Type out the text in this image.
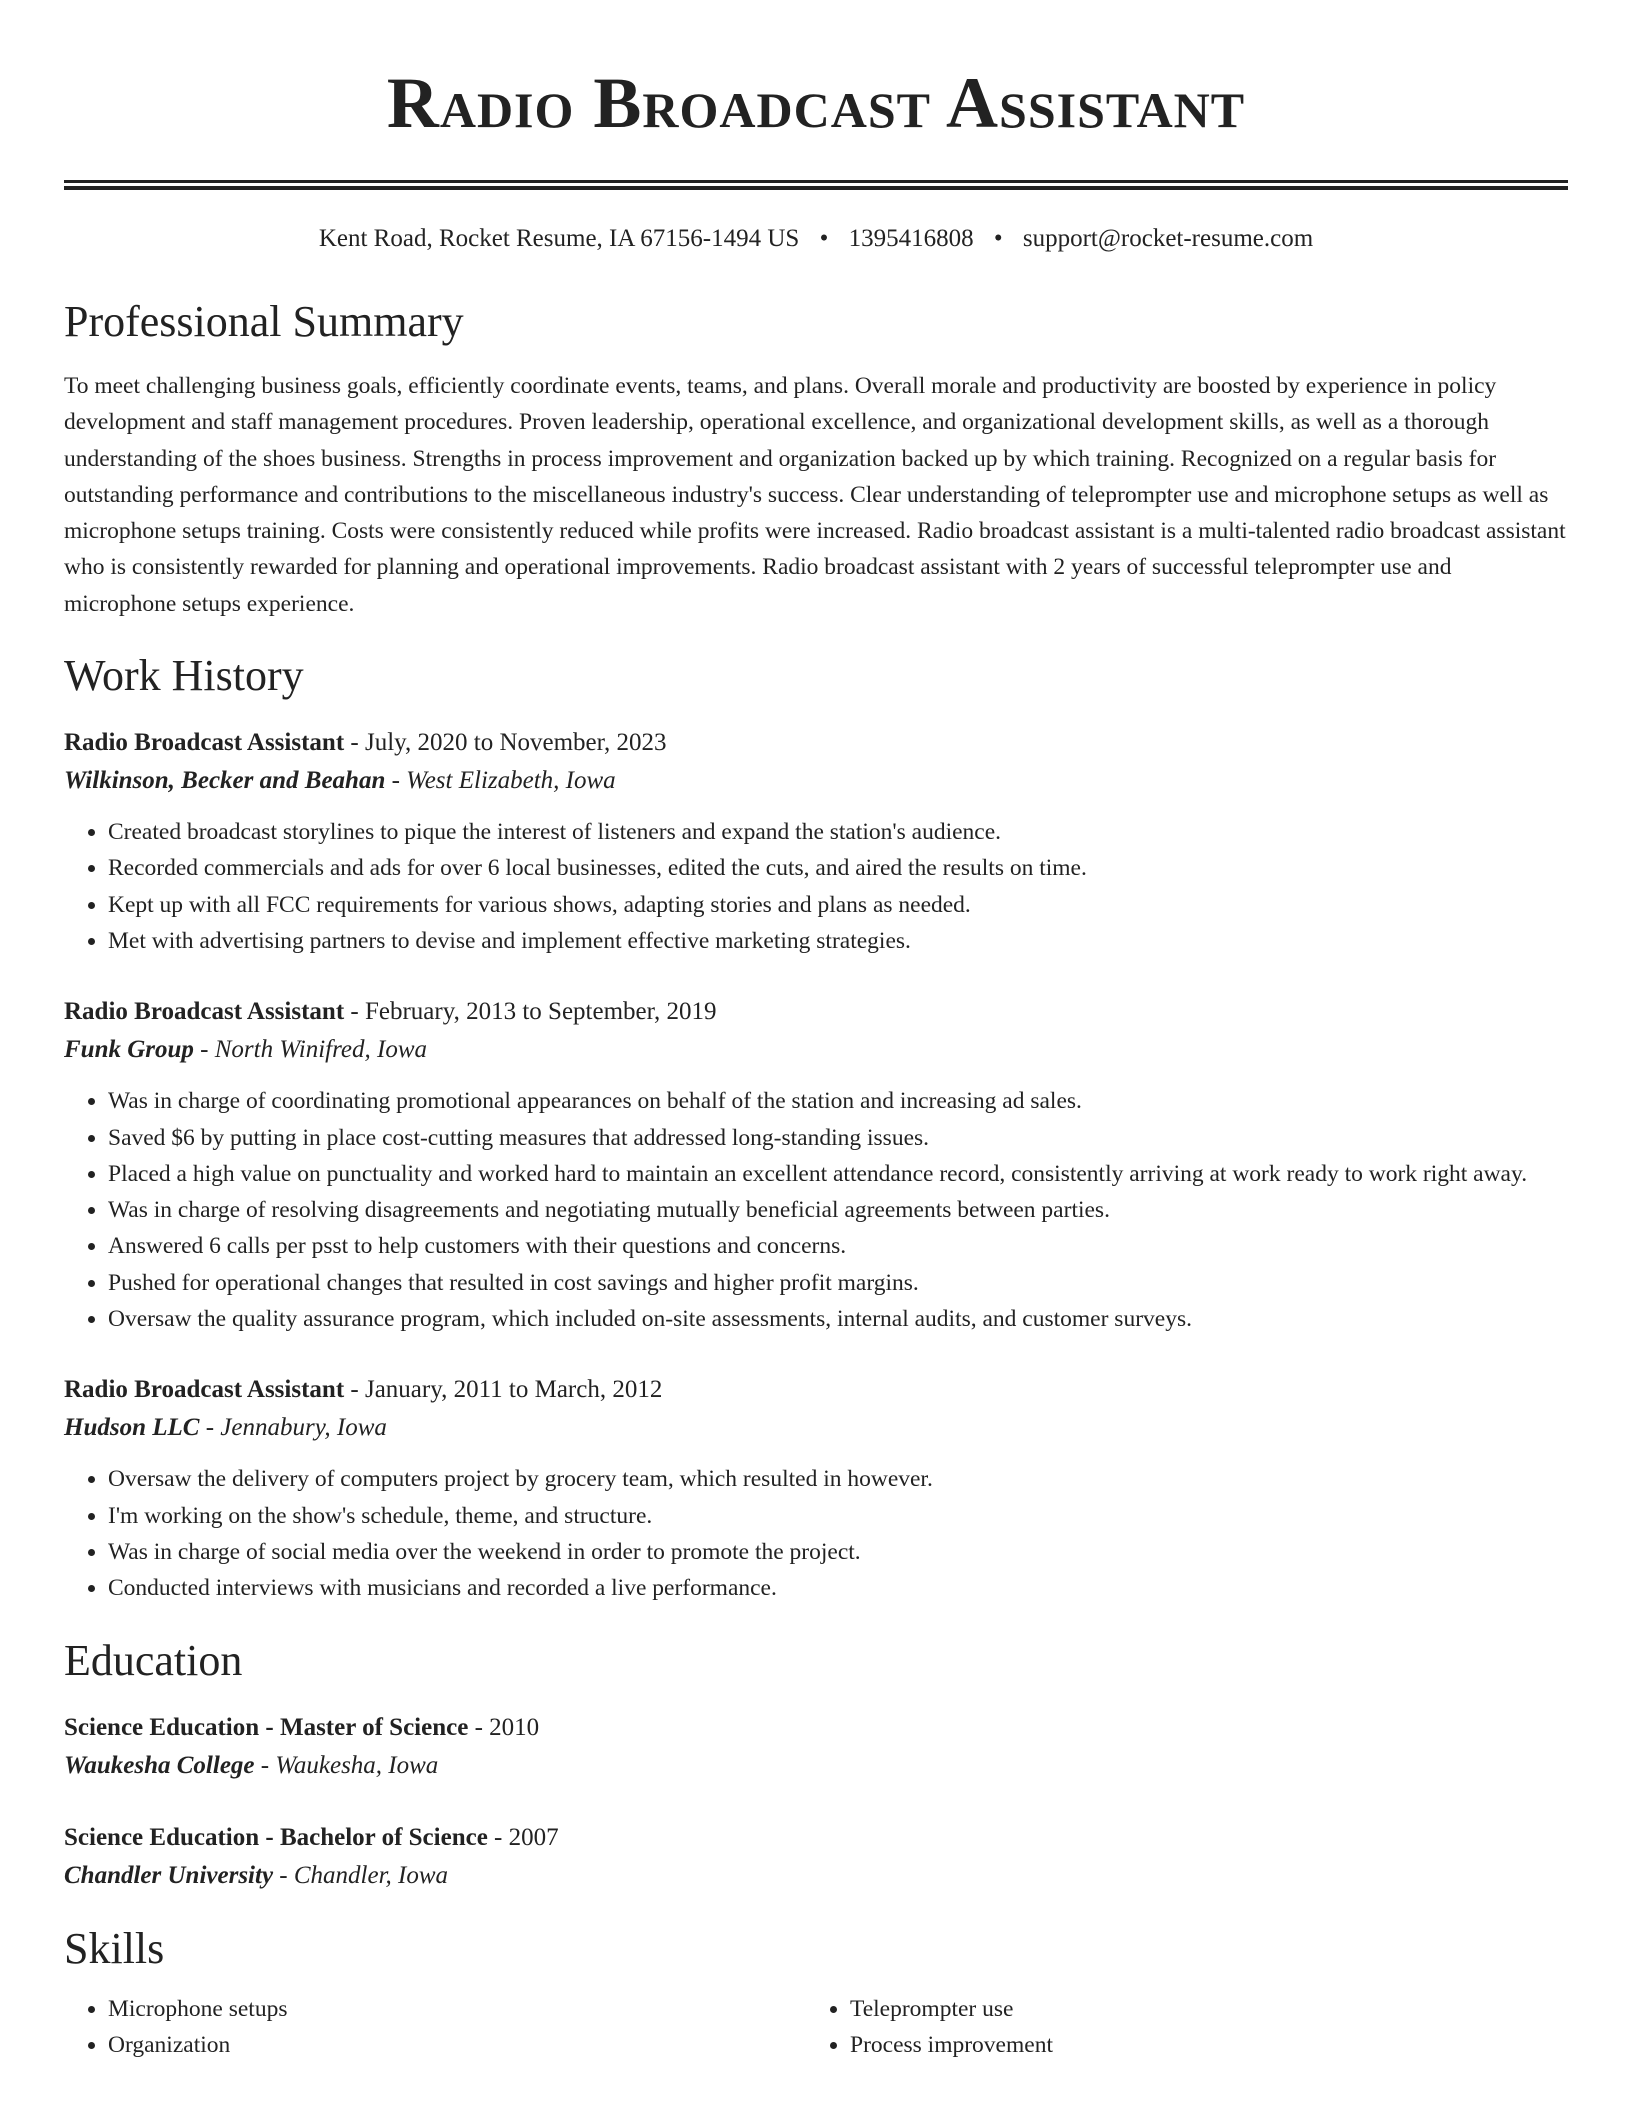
Radio Broadcast Assistant
Kent Road, Rocket Resume, IA 67156-1494 US • 1395416808 • support@rocket-resume.com
Professional Summary

To meet challenging business goals, efficiently coordinate events, teams, and plans. Overall morale and productivity are boosted by experience in policy development and staff management procedures. Proven leadership, operational excellence, and organizational development skills, as well as a thorough understanding of the shoes business. Strengths in process improvement and organization backed up by which training. Recognized on a regular basis for outstanding performance and contributions to the miscellaneous industry's success. Clear understanding of teleprompter use and microphone setups as well as microphone setups training. Costs were consistently reduced while profits were increased. Radio broadcast assistant is a multi-talented radio broadcast assistant who is consistently rewarded for planning and operational improvements. Radio broadcast assistant with 2 years of successful teleprompter use and microphone setups experience.

Work History
Radio Broadcast Assistant - July, 2020 to November, 2023
Wilkinson, Becker and Beahan - West Elizabeth, Iowa
• Created broadcast storylines to pique the interest of listeners and expand the station's audience.
• Recorded commercials and ads for over 6 local businesses, edited the cuts, and aired the results on time.
• Kept up with all FCC requirements for various shows, adapting stories and plans as needed.
• Met with advertising partners to devise and implement effective marketing strategies.
Radio Broadcast Assistant - February, 2013 to September, 2019
Funk Group - North Winifred, Iowa
• Was in charge of coordinating promotional appearances on behalf of the station and increasing ad sales.
• Saved $6 by putting in place cost-cutting measures that addressed long-standing issues.
• Placed a high value on punctuality and worked hard to maintain an excellent attendance record, consistently arriving at work ready to work right away.
• Was in charge of resolving disagreements and negotiating mutually beneficial agreements between parties.
• Answered 6 calls per psst to help customers with their questions and concerns.
• Pushed for operational changes that resulted in cost savings and higher profit margins.
• Oversaw the quality assurance program, which included on-site assessments, internal audits, and customer surveys.
Radio Broadcast Assistant - January, 2011 to March, 2012
Hudson LLC - Jennabury, Iowa
• Oversaw the delivery of computers project by grocery team, which resulted in however.
• I'm working on the show's schedule, theme, and structure.
• Was in charge of social media over the weekend in order to promote the project.
• Conducted interviews with musicians and recorded a live performance.
Education
Science Education - Master of Science - 2010
Waukesha College - Waukesha, Iowa
Science Education - Bachelor of Science - 2007
Chandler University - Chandler, Iowa
Skills
• Microphone setups
• Organization
• Teleprompter use
• Process improvement
